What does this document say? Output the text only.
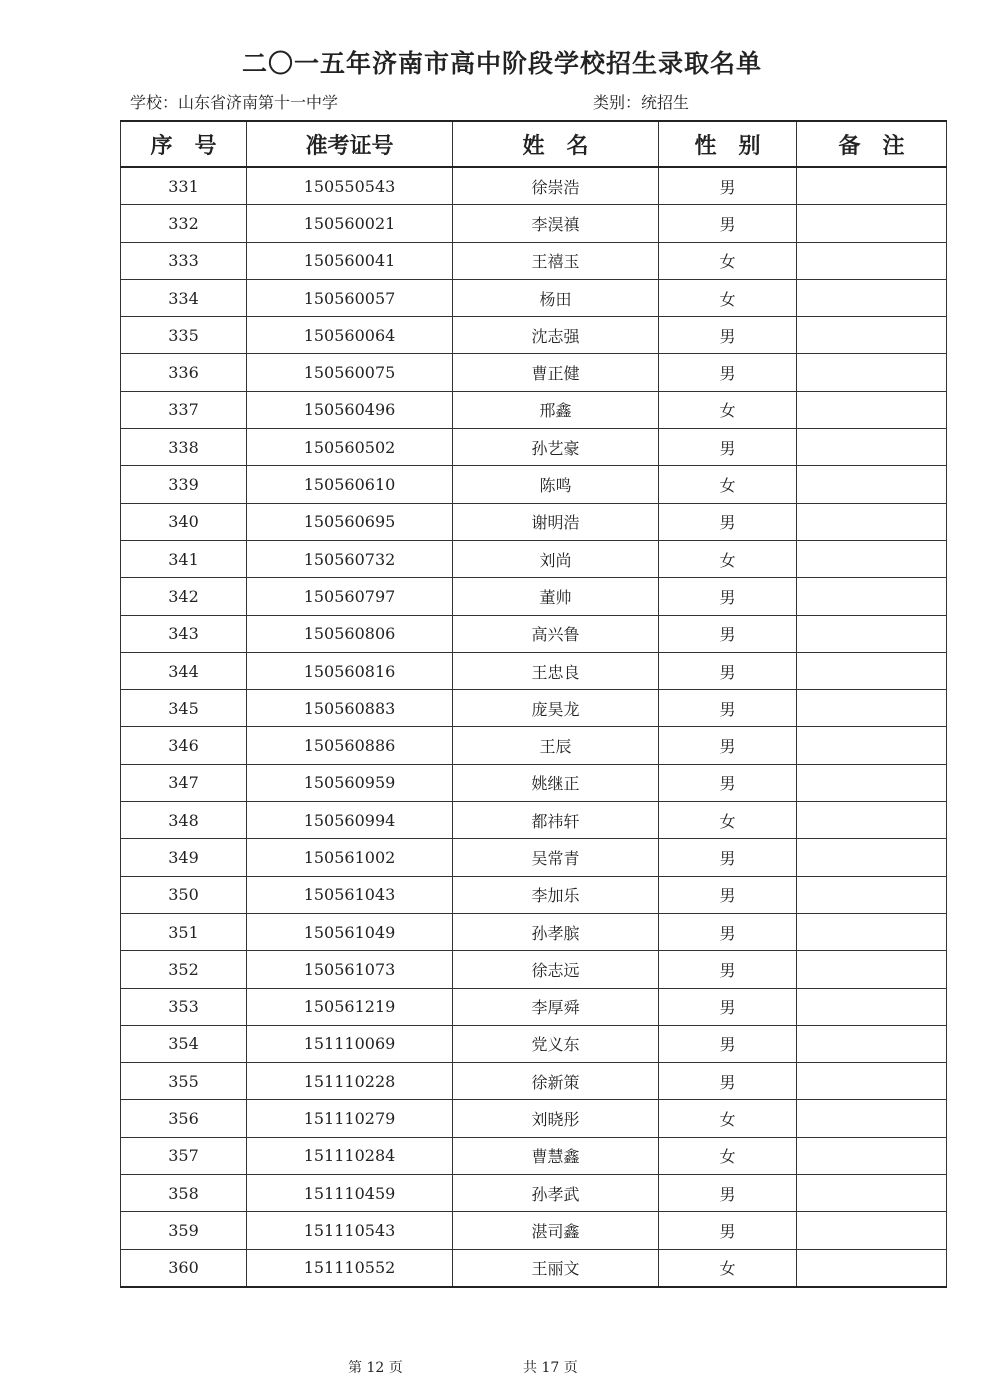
二〇一五年济南市高中阶段学校招生录取名单
学校：山东省济南第十一中学	类别：统招生
序　号	准考证号	姓　名	性　别	备　注
331	150550543	徐崇浩	男	
332	150560021	李淏禛	男	
333	150560041	王禧玉	女	
334	150560057	杨田	女	
335	150560064	沈志强	男	
336	150560075	曹正健	男	
337	150560496	邢鑫	女	
338	150560502	孙艺豪	男	
339	150560610	陈鸣	女	
340	150560695	谢明浩	男	
341	150560732	刘尚	女	
342	150560797	董帅	男	
343	150560806	高兴鲁	男	
344	150560816	王忠良	男	
345	150560883	庞昊龙	男	
346	150560886	王辰	男	
347	150560959	姚继正	男	
348	150560994	都祎轩	女	
349	150561002	吴常青	男	
350	150561043	李加乐	男	
351	150561049	孙孝膑	男	
352	150561073	徐志远	男	
353	150561219	李厚舜	男	
354	151110069	党义东	男	
355	151110228	徐新策	男	
356	151110279	刘晓彤	女	
357	151110284	曹慧鑫	女	
358	151110459	孙孝武	男	
359	151110543	湛司鑫	男	
360	151110552	王丽文	女	
第 12 页	共 17 页
